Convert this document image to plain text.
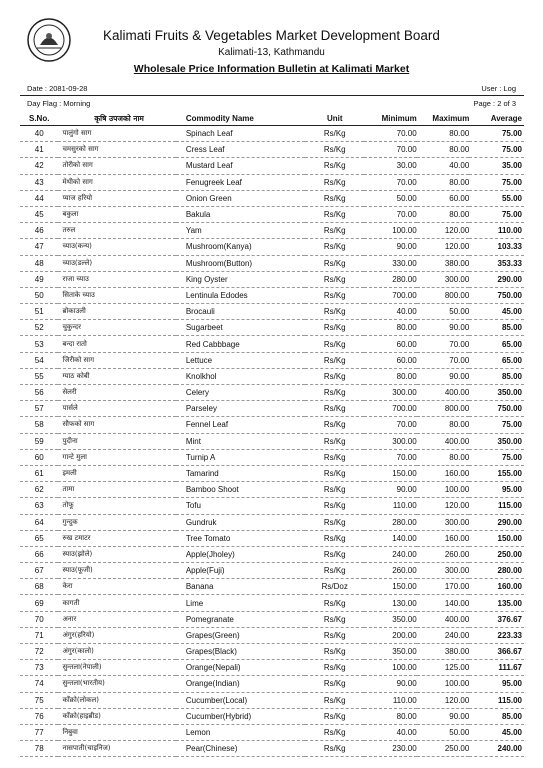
Kalimati Fruits & Vegetables Market Development Board
Kalimati-13, Kathmandu
Wholesale Price Information Bulletin at Kalimati Market
Date : 2081-09-28	User : Log
Day Flag : Morning	Page : 2 of 3
S.No.	कृषि उपजको नाम	Commodity Name	Unit	Minimum	Maximum	Average
40	पालुंगो साग	Spinach Leaf	Rs/Kg	70.00	80.00	75.00
41	चमसुरको साग	Cress Leaf	Rs/Kg	70.00	80.00	75.00
42	तोरीको साग	Mustard Leaf	Rs/Kg	30.00	40.00	35.00
43	मेथीको साग	Fenugreek Leaf	Rs/Kg	70.00	80.00	75.00
44	प्याज हरियो	Onion Green	Rs/Kg	50.00	60.00	55.00
45	बकुला	Bakula	Rs/Kg	70.00	80.00	75.00
46	तरुल	Yam	Rs/Kg	100.00	120.00	110.00
47	च्याउ(कन्य)	Mushroom(Kanya)	Rs/Kg	90.00	120.00	103.33
48	च्याउ(डल्ले)	Mushroom(Button)	Rs/Kg	330.00	380.00	353.33
49	राजा च्याउ	King Oyster	Rs/Kg	280.00	300.00	290.00
50	सिताके च्याउ	Lentinula Edodes	Rs/Kg	700.00	800.00	750.00
51	ब्रोकाउली	Brocauli	Rs/Kg	40.00	50.00	45.00
52	चुकुन्दर	Sugarbeet	Rs/Kg	80.00	90.00	85.00
53	बन्दा रातो	Red Cabbbage	Rs/Kg	60.00	70.00	65.00
54	जिरीको साग	Lettuce	Rs/Kg	60.00	70.00	65.00
55	ग्याठ कोबी	Knolkhol	Rs/Kg	80.00	90.00	85.00
56	सेलरी	Celery	Rs/Kg	300.00	400.00	350.00
57	पार्सले	Parseley	Rs/Kg	700.00	800.00	750.00
58	सौफको साग	Fennel Leaf	Rs/Kg	70.00	80.00	75.00
59	पुदीना	Mint	Rs/Kg	300.00	400.00	350.00
60	गान्टे मुला	Turnip A	Rs/Kg	70.00	80.00	75.00
61	इमली	Tamarind	Rs/Kg	150.00	160.00	155.00
62	तामा	Bamboo Shoot	Rs/Kg	90.00	100.00	95.00
63	तोफू	Tofu	Rs/Kg	110.00	120.00	115.00
64	गुन्दुक	Gundruk	Rs/Kg	280.00	300.00	290.00
65	रुख टमाटर	Tree Tomato	Rs/Kg	140.00	160.00	150.00
66	स्याउ(झोले)	Apple(Jholey)	Rs/Kg	240.00	260.00	250.00
67	स्याउ(फूजी)	Apple(Fuji)	Rs/Kg	260.00	300.00	280.00
68	केरा	Banana	Rs/Doz	150.00	170.00	160.00
69	कागती	Lime	Rs/Kg	130.00	140.00	135.00
70	अनार	Pomegranate	Rs/Kg	350.00	400.00	376.67
71	अंगुर(हरियो)	Grapes(Green)	Rs/Kg	200.00	240.00	223.33
72	अंगुर(कालो)	Grapes(Black)	Rs/Kg	350.00	380.00	366.67
73	सुन्तला(नेपाली)	Orange(Nepali)	Rs/Kg	100.00	125.00	111.67
74	सुन्तला(भारतीय)	Orange(Indian)	Rs/Kg	90.00	100.00	95.00
75	काँक्रो(लोकल)	Cucumber(Local)	Rs/Kg	110.00	120.00	115.00
76	काँक्रो(हाइब्रीड)	Cucumber(Hybrid)	Rs/Kg	80.00	90.00	85.00
77	निबुवा	Lemon	Rs/Kg	40.00	50.00	45.00
78	नासपाती(चाइनिज)	Pear(Chinese)	Rs/Kg	230.00	250.00	240.00
